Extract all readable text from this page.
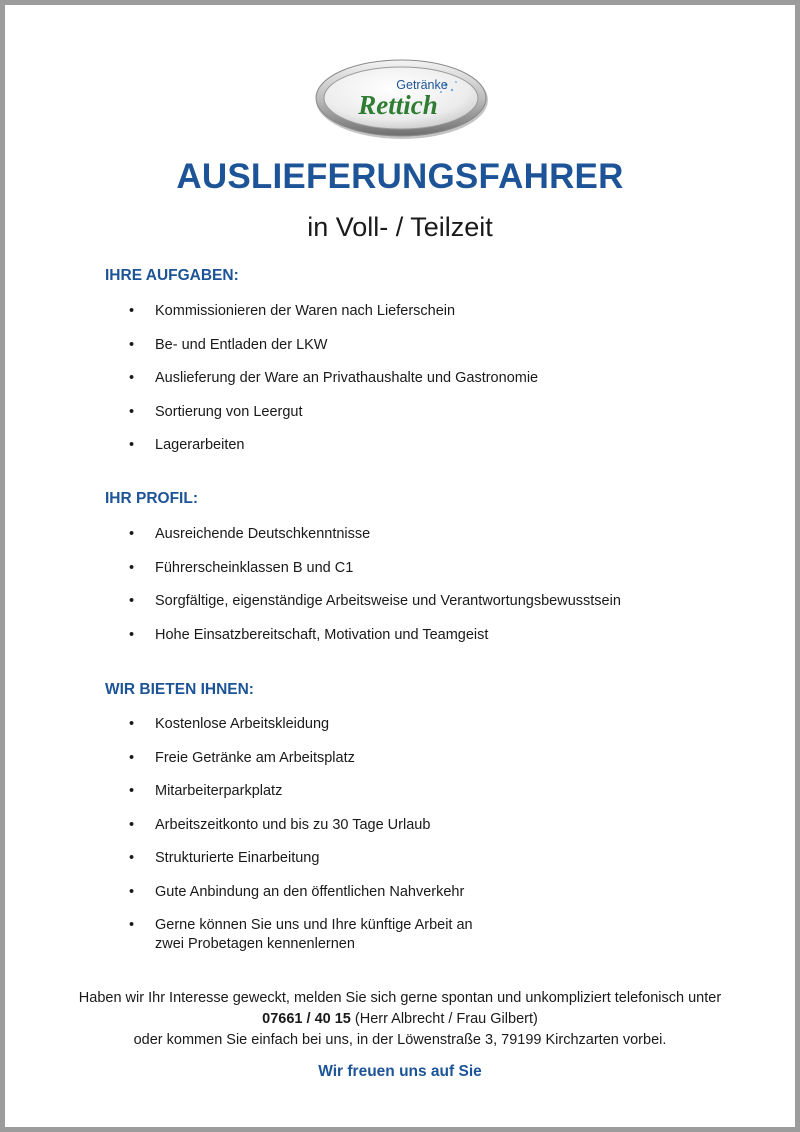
Getränke
Rettich
AUSLIEFERUNGSFAHRER
in Voll- / Teilzeit
IHRE AUFGABEN:
• Kommissionieren der Waren nach Lieferschein
• Be- und Entladen der LKW
• Auslieferung der Ware an Privathaushalte und Gastronomie
• Sortierung von Leergut
• Lagerarbeiten
IHR PROFIL:
• Ausreichende Deutschkenntnisse
• Führerscheinklassen B und C1
• Sorgfältige, eigenständige Arbeitsweise und Verantwortungsbewusstsein
• Hohe Einsatzbereitschaft, Motivation und Teamgeist
WIR BIETEN IHNEN:
• Kostenlose Arbeitskleidung
• Freie Getränke am Arbeitsplatz
• Mitarbeiterparkplatz
• Arbeitszeitkonto und bis zu 30 Tage Urlaub
• Strukturierte Einarbeitung
• Gute Anbindung an den öffentlichen Nahverkehr
• Gerne können Sie uns und Ihre künftige Arbeit an
zwei Probetagen kennenlernen
Haben wir Ihr Interesse geweckt, melden Sie sich gerne spontan und unkompliziert telefonisch unter
07661 / 40 15 (Herr Albrecht / Frau Gilbert)
oder kommen Sie einfach bei uns, in der Löwenstraße 3, 79199 Kirchzarten vorbei.
Wir freuen uns auf Sie
